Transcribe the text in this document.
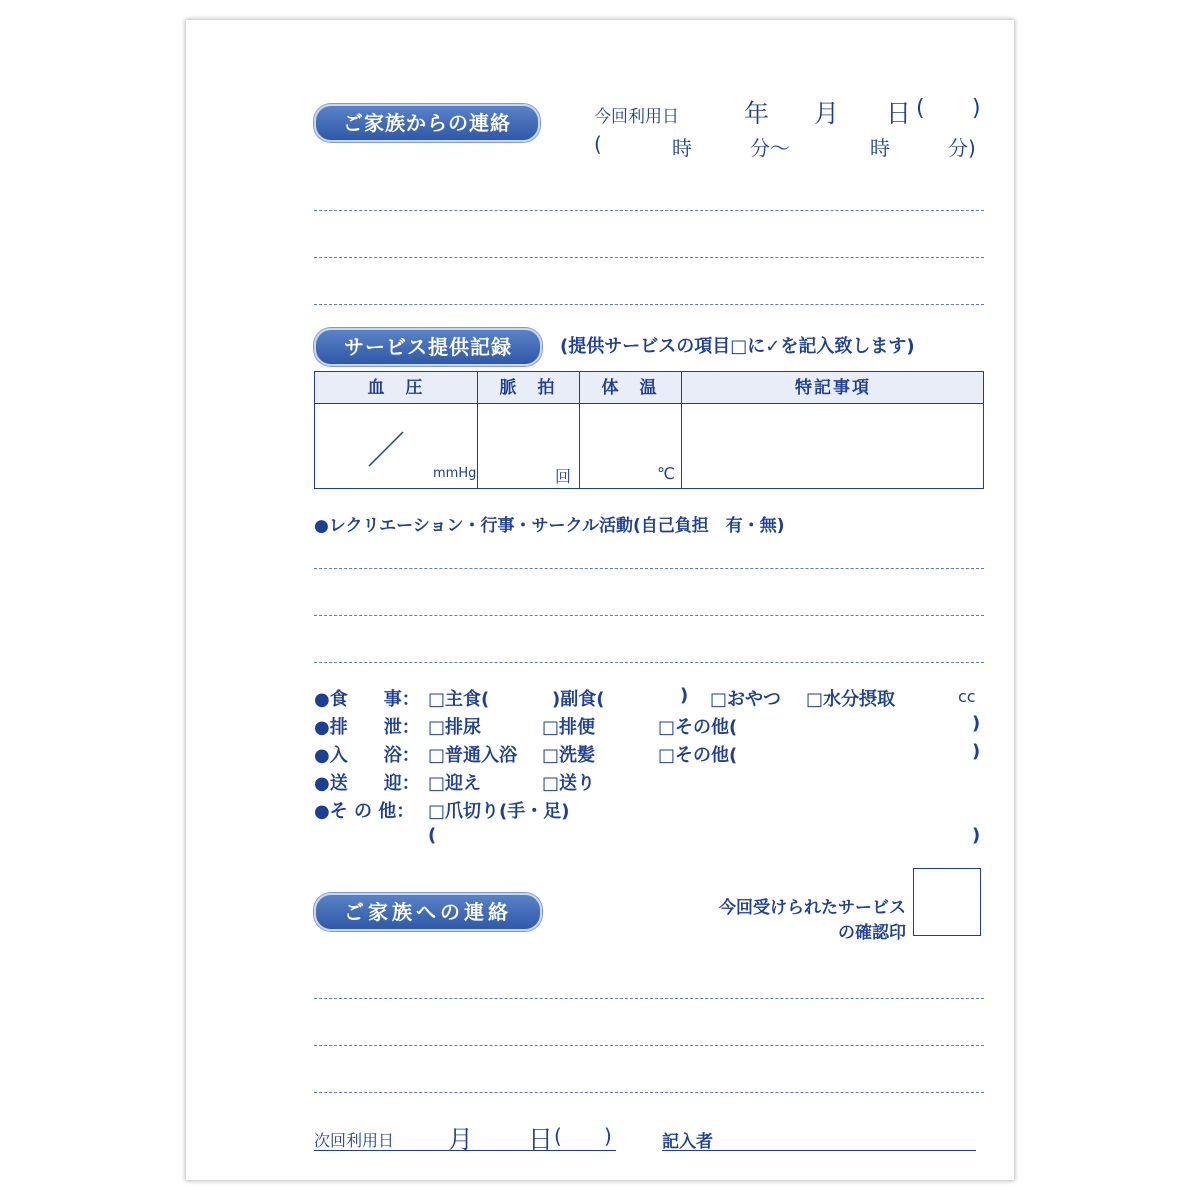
ご家族からの連絡	今回利用日	年 月 日 ( )
(	時	分～	時	分)
サービス提供記録	(提供サービスの項目□に✓を記入致します)
血　圧	脈　拍	体　温	特記事項
mmHg	回	℃
●レクリエーション・行事・サークル活動(自己負担　有・無)
●食　　事： □主食(	)副食(	) □おやつ □水分摂取	cc
●排　　泄： □排尿	□排便	□その他(	)
●入　　浴： □普通入浴 □洗髪	□その他(	)
●送　　迎： □迎え	□送り
●そ の 他： □爪切り(手・足)
(	)
ご家族への連絡	今回受けられたサービス
の確認印
次回利用日 月 日 ( )	記入者
